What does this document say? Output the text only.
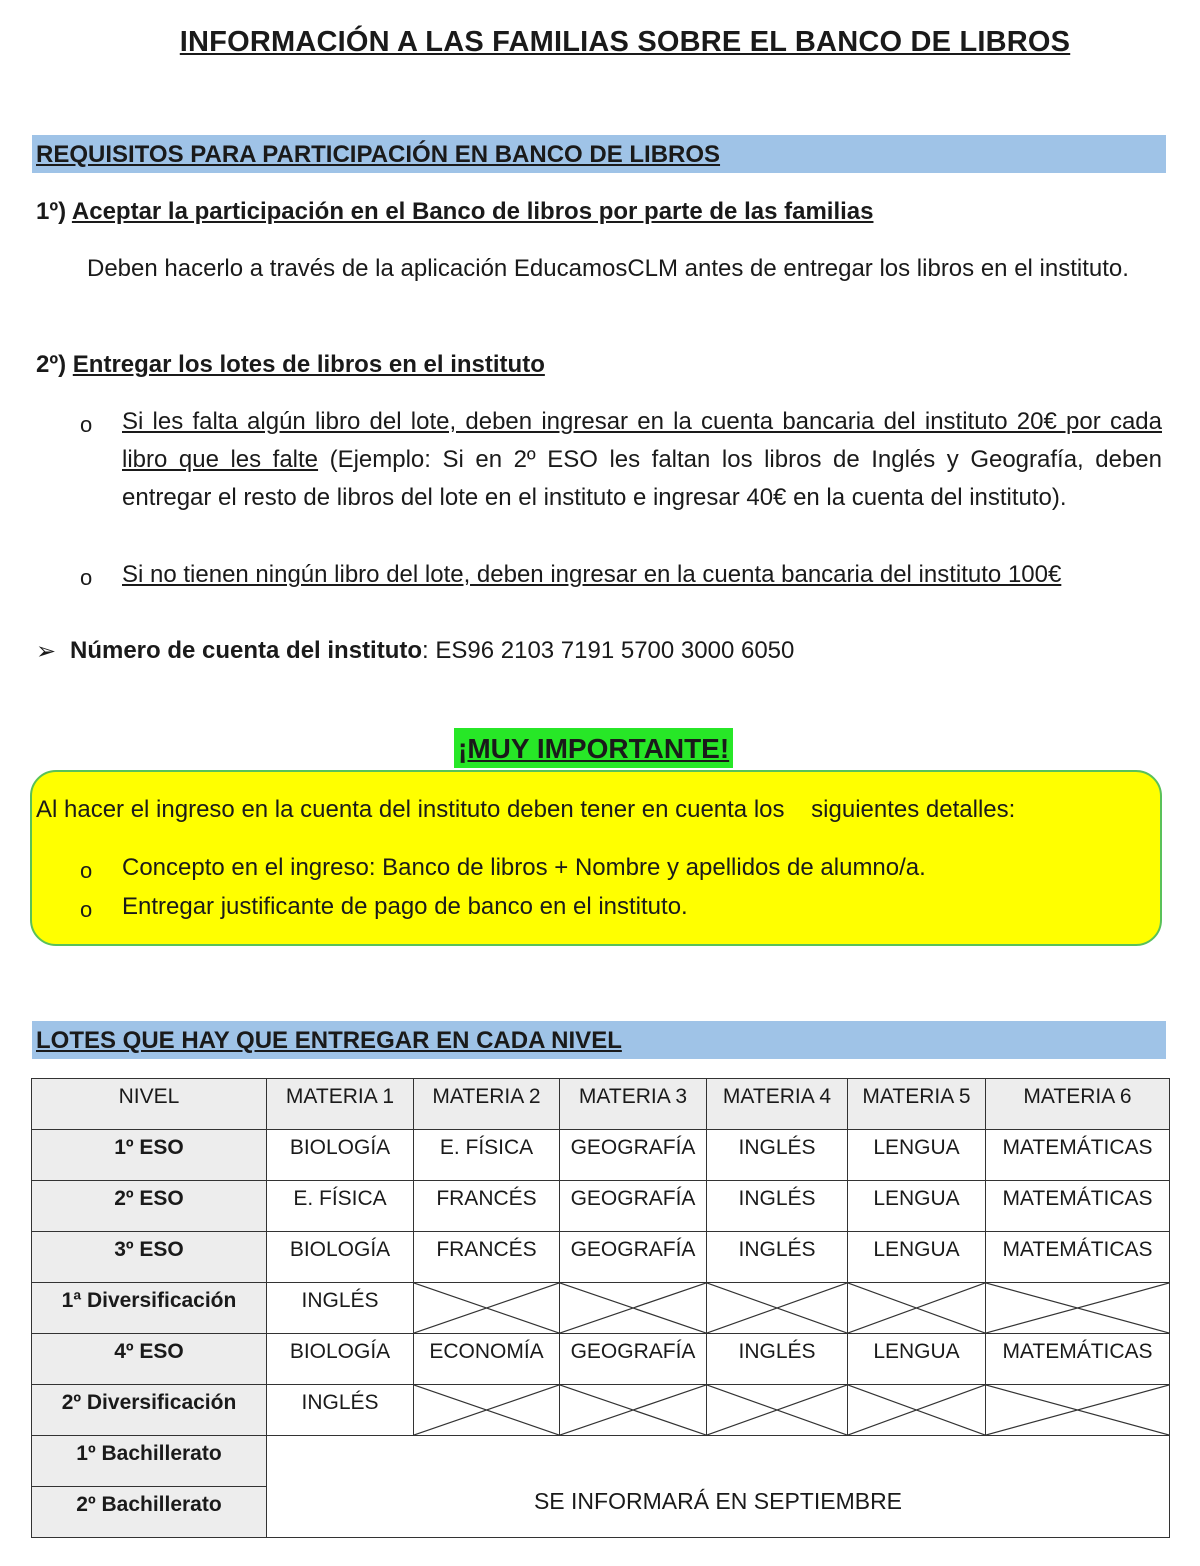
INFORMACIÓN A LAS FAMILIAS SOBRE EL BANCO DE LIBROS
REQUISITOS PARA PARTICIPACIÓN EN BANCO DE LIBROS
1º) Aceptar la participación en el Banco de libros por parte de las familias
Deben hacerlo a través de la aplicación EducamosCLM antes de entregar los libros en el instituto.
2º) Entregar los lotes de libros en el instituto
o Si les falta algún libro del lote, deben ingresar en la cuenta bancaria del instituto 20€ por cada libro que les falte (Ejemplo: Si en 2º ESO les faltan los libros de Inglés y Geografía, deben entregar el resto de libros del lote en el instituto e ingresar 40€ en la cuenta del instituto).
o Si no tienen ningún libro del lote, deben ingresar en la cuenta bancaria del instituto 100€
➢ Número de cuenta del instituto: ES96 2103 7191 5700 3000 6050
¡MUY IMPORTANTE!
Al hacer el ingreso en la cuenta del instituto deben tener en cuenta los    siguientes detalles:
o Concepto en el ingreso: Banco de libros + Nombre y apellidos de alumno/a.
o Entregar justificante de pago de banco en el instituto.
LOTES QUE HAY QUE ENTREGAR EN CADA NIVEL
NIVEL	MATERIA 1	MATERIA 2	MATERIA 3	MATERIA 4	MATERIA 5	MATERIA 6
1º ESO	BIOLOGÍA	E. FÍSICA	GEOGRAFÍA	INGLÉS	LENGUA	MATEMÁTICAS
2º ESO	E. FÍSICA	FRANCÉS	GEOGRAFÍA	INGLÉS	LENGUA	MATEMÁTICAS
3º ESO	BIOLOGÍA	FRANCÉS	GEOGRAFÍA	INGLÉS	LENGUA	MATEMÁTICAS
1ª Diversificación	INGLÉS	

4º ESO	BIOLOGÍA	ECONOMÍA	GEOGRAFÍA	INGLÉS	LENGUA	MATEMÁTICAS
2º Diversificación	INGLÉS	

1º Bachillerato	SE INFORMARÁ EN SEPTIEMBRE					
2º Bachillerato						
